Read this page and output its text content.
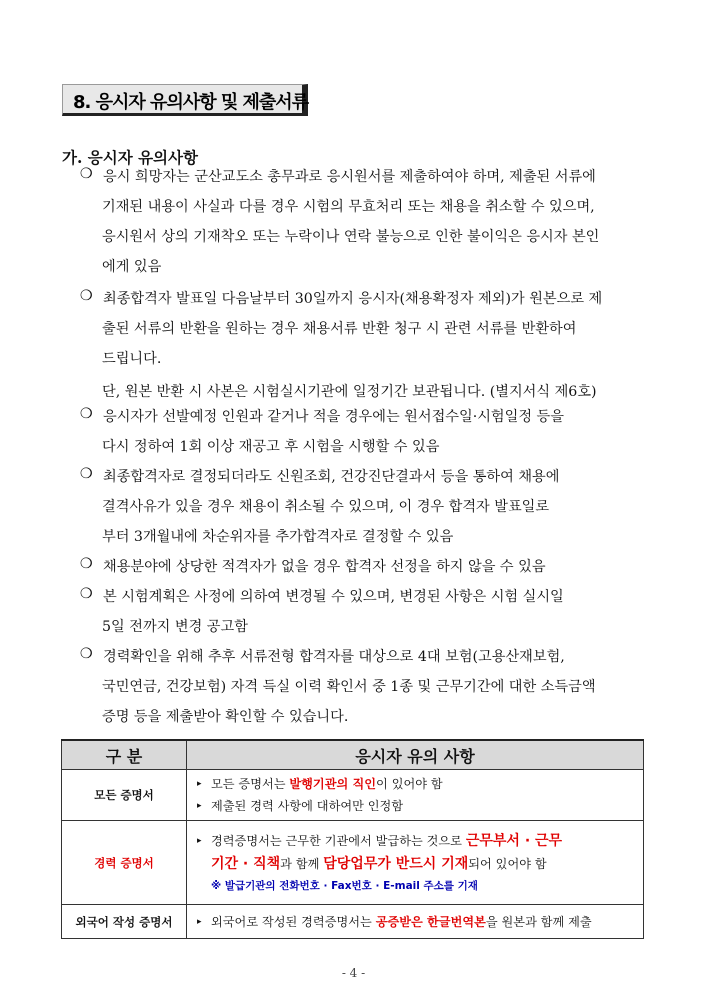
8. 응시자 유의사항 및 제출서류
가. 응시자 유의사항
❍ 응시 희망자는 군산교도소 총무과로 응시원서를 제출하여야 하며, 제출된 서류에
기재된 내용이 사실과 다를 경우 시험의 무효처리 또는 채용을 취소할 수 있으며,
응시원서 상의 기재착오 또는 누락이나 연락 불능으로 인한 불이익은 응시자 본인
에게 있음
❍ 최종합격자 발표일 다음날부터 30일까지 응시자(채용확정자 제외)가 원본으로 제
출된 서류의 반환을 원하는 경우 채용서류 반환 청구 시 관련 서류를 반환하여
드립니다.
단, 원본 반환 시 사본은 시험실시기관에 일정기간 보관됩니다. (별지서식 제6호)
❍ 응시자가 선발예정 인원과 같거나 적을 경우에는 원서접수일·시험일정 등을
다시 정하여 1회 이상 재공고 후 시험을 시행할 수 있음
❍ 최종합격자로 결정되더라도 신원조회, 건강진단결과서 등을 통하여 채용에
결격사유가 있을 경우 채용이 취소될 수 있으며, 이 경우 합격자 발표일로
부터 3개월내에 차순위자를 추가합격자로 결정할 수 있음
❍ 채용분야에 상당한 적격자가 없을 경우 합격자 선정을 하지 않을 수 있음
❍ 본 시험계획은 사정에 의하여 변경될 수 있으며, 변경된 사항은 시험 실시일
5일 전까지 변경 공고함
❍ 경력확인을 위해 추후 서류전형 합격자를 대상으로 4대 보험(고용산재보험,
국민연금, 건강보험) 자격 득실 이력 확인서 중 1종 및 근무기간에 대한 소득금액
증명 등을 제출받아 확인할 수 있습니다.
구 분	응시자 유의 사항
모든 증명서	▸ 모든 증명서는 발행기관의 직인이 있어야 함
▸ 제출된 경력 사항에 대하여만 인정함

경력 증명서	▸ 경력증명서는 근무한 기관에서 발급하는 것으로 근무부서 · 근무
기간 · 직책과 함께 담당업무가 반드시 기재되어 있어야 함
※ 발급기관의 전화번호 · Fax번호 · E-mail 주소를 기재

외국어 작성 증명서	▸ 외국어로 작성된 경력증명서는 공증받은 한글번역본을 원본과 함께 제출
- 4 -
